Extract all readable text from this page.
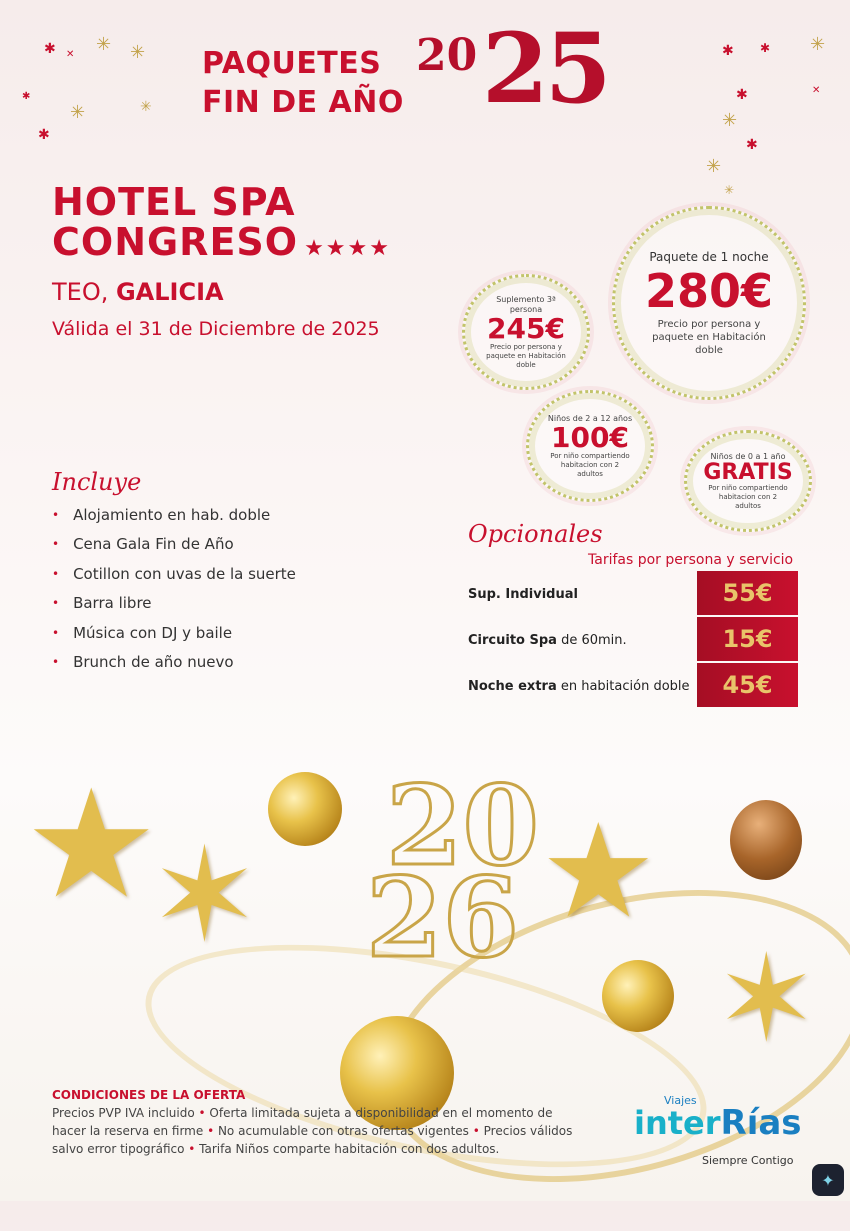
✱ ✳ ✳
✕
✱
✳	✳
✱
✱ ✱ ✳
✱
✳
✱
✳
✕
✳
PAQUETES
FIN DE AÑO
20 25
HOTEL SPA
CONGRESO ★★★★
TEO, GALICIA
Válida el 31 de Diciembre de 2025
Paquete de 1 noche
280€
Precio por persona y paquete en Habitación doble
Suplemento 3ª persona
245€
Precio por persona y paquete en Habitación doble
Niños de 2 a 12 años
100€
Por niño compartiendo habitacion con 2 adultos
Niños de 0 a 1 año
GRATIS
Por niño compartiendo habitacion con 2 adultos
Incluye
• Alojamiento en hab. doble
• Cena Gala Fin de Año
• Cotillon con uvas de la suerte
• Barra libre
• Música con DJ y baile
• Brunch de año nuevo
Opcionales
Tarifas por persona y servicio
Sup. Individual	55€
Circuito Spa de 60min.	15€
Noche extra en habitación doble	45€
★
✶ ★
✶
20
26
CONDICIONES DE LA OFERTA
Precios PVP IVA incluido • Oferta limitada sujeta a disponibilidad en el momento de hacer la reserva en firme • No acumulable con otras ofertas vigentes • Precios válidos salvo error tipográfico • Tarifa Niños comparte habitación con dos adultos.
Viajes
inter Rías
Siempre Contigo
✦
